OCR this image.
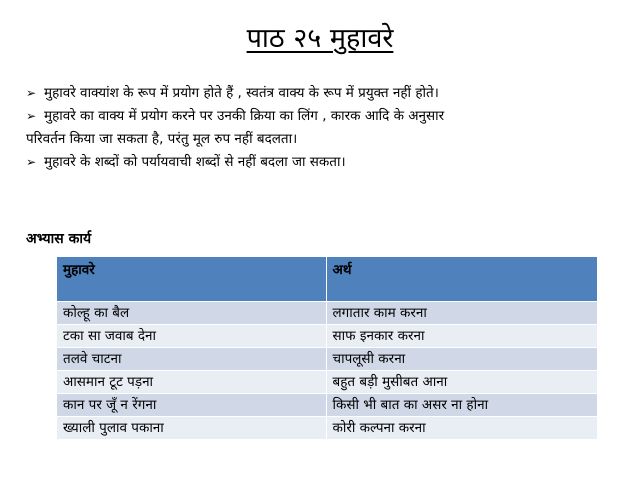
पाठ २५ मुहावरे
➢ मुहावरे वाक्यांश के रूप में प्रयोग होते हैं , स्वतंत्र वाक्य के रूप में प्रयुक्त नहीं होते।
➢ मुहावरे का वाक्य में प्रयोग करने पर उनकी क्रिया का लिंग , कारक आदि के अनुसार
परिवर्तन किया जा सकता है, परंतु मूल रुप नहीं बदलता।
➢ मुहावरे के शब्दों को पर्यायवाची शब्दों से नहीं बदला जा सकता।
अभ्यास कार्य
मुहावरे	अर्थ
कोल्हू का बैल	लगातार काम करना
टका सा जवाब देना	साफ इनकार करना
तलवे चाटना	चापलूसी करना
आसमान टूट पड़ना	बहुत बड़ी मुसीबत आना
कान पर जूँ न रेंगना	किसी भी बात का असर ना होना
ख्याली पुलाव पकाना	कोरी कल्पना करना
